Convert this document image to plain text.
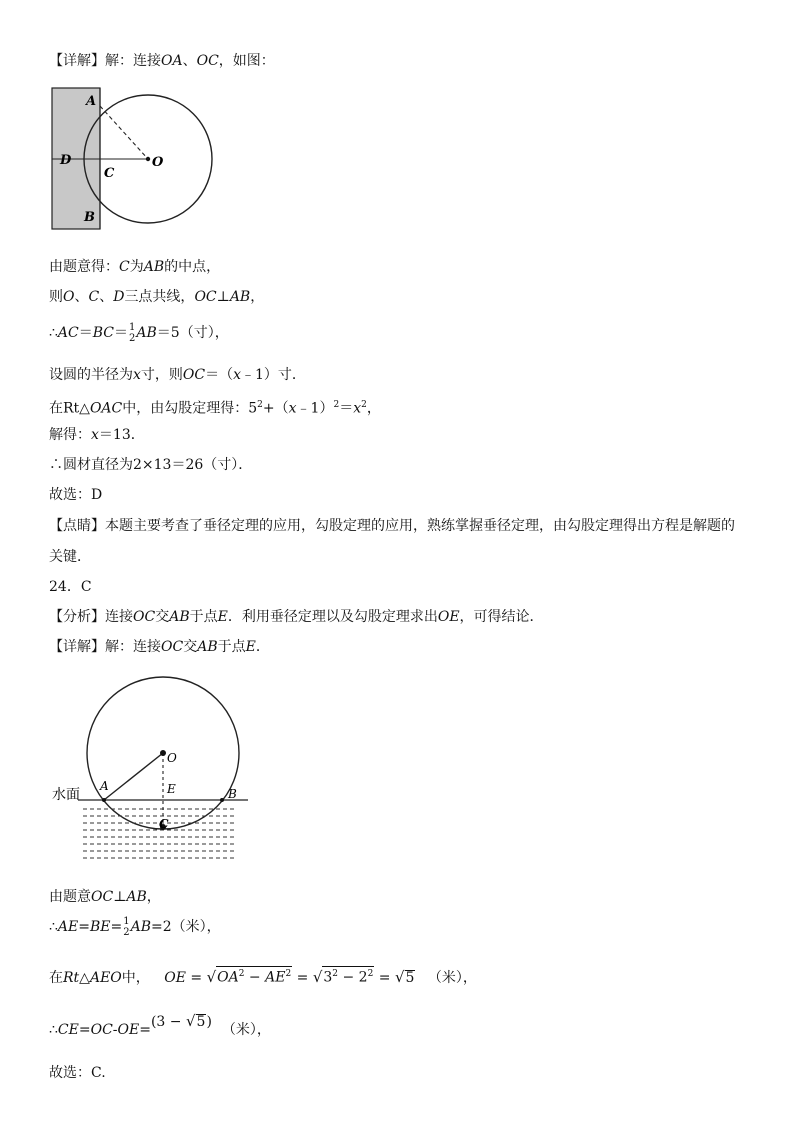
【详解】解：连接OA、OC，如图：
A
D
C
O
B
由题意得：C为AB的中点，
则O、C、D三点共线，OC⊥AB，
∴AC＝BC＝ 1
2 AB＝5（寸），
设圆的半径为x寸，则OC＝（x﹣1）寸．
在Rt△OAC中，由勾股定理得：$5^2+(x﹣1)^2=x^2$，
解得：x＝13．
∴圆材直径为2×13＝26（寸）．
故选：D
【点睛】本题主要考查了垂径定理的应用，勾股定理的应用，熟练掌握垂径定理，由勾股定理得出方程是解题的
关键．
24．C
【分析】连接OC交AB于点E．利用垂径定理以及勾股定理求出OE，可得结论．
【详解】解：连接OC交AB于点E．
水面
A
B
E
O
C
由题意OC⊥AB，
∴AE=BE= 1
2 AB=2（米），
在Rt△AEO中， OE = $√OA^2 - AE^2 = √3^2 - 2^2 = √5$ （米），
∴CE=OC-OE=(3 − √5) （米），
故选：C.
